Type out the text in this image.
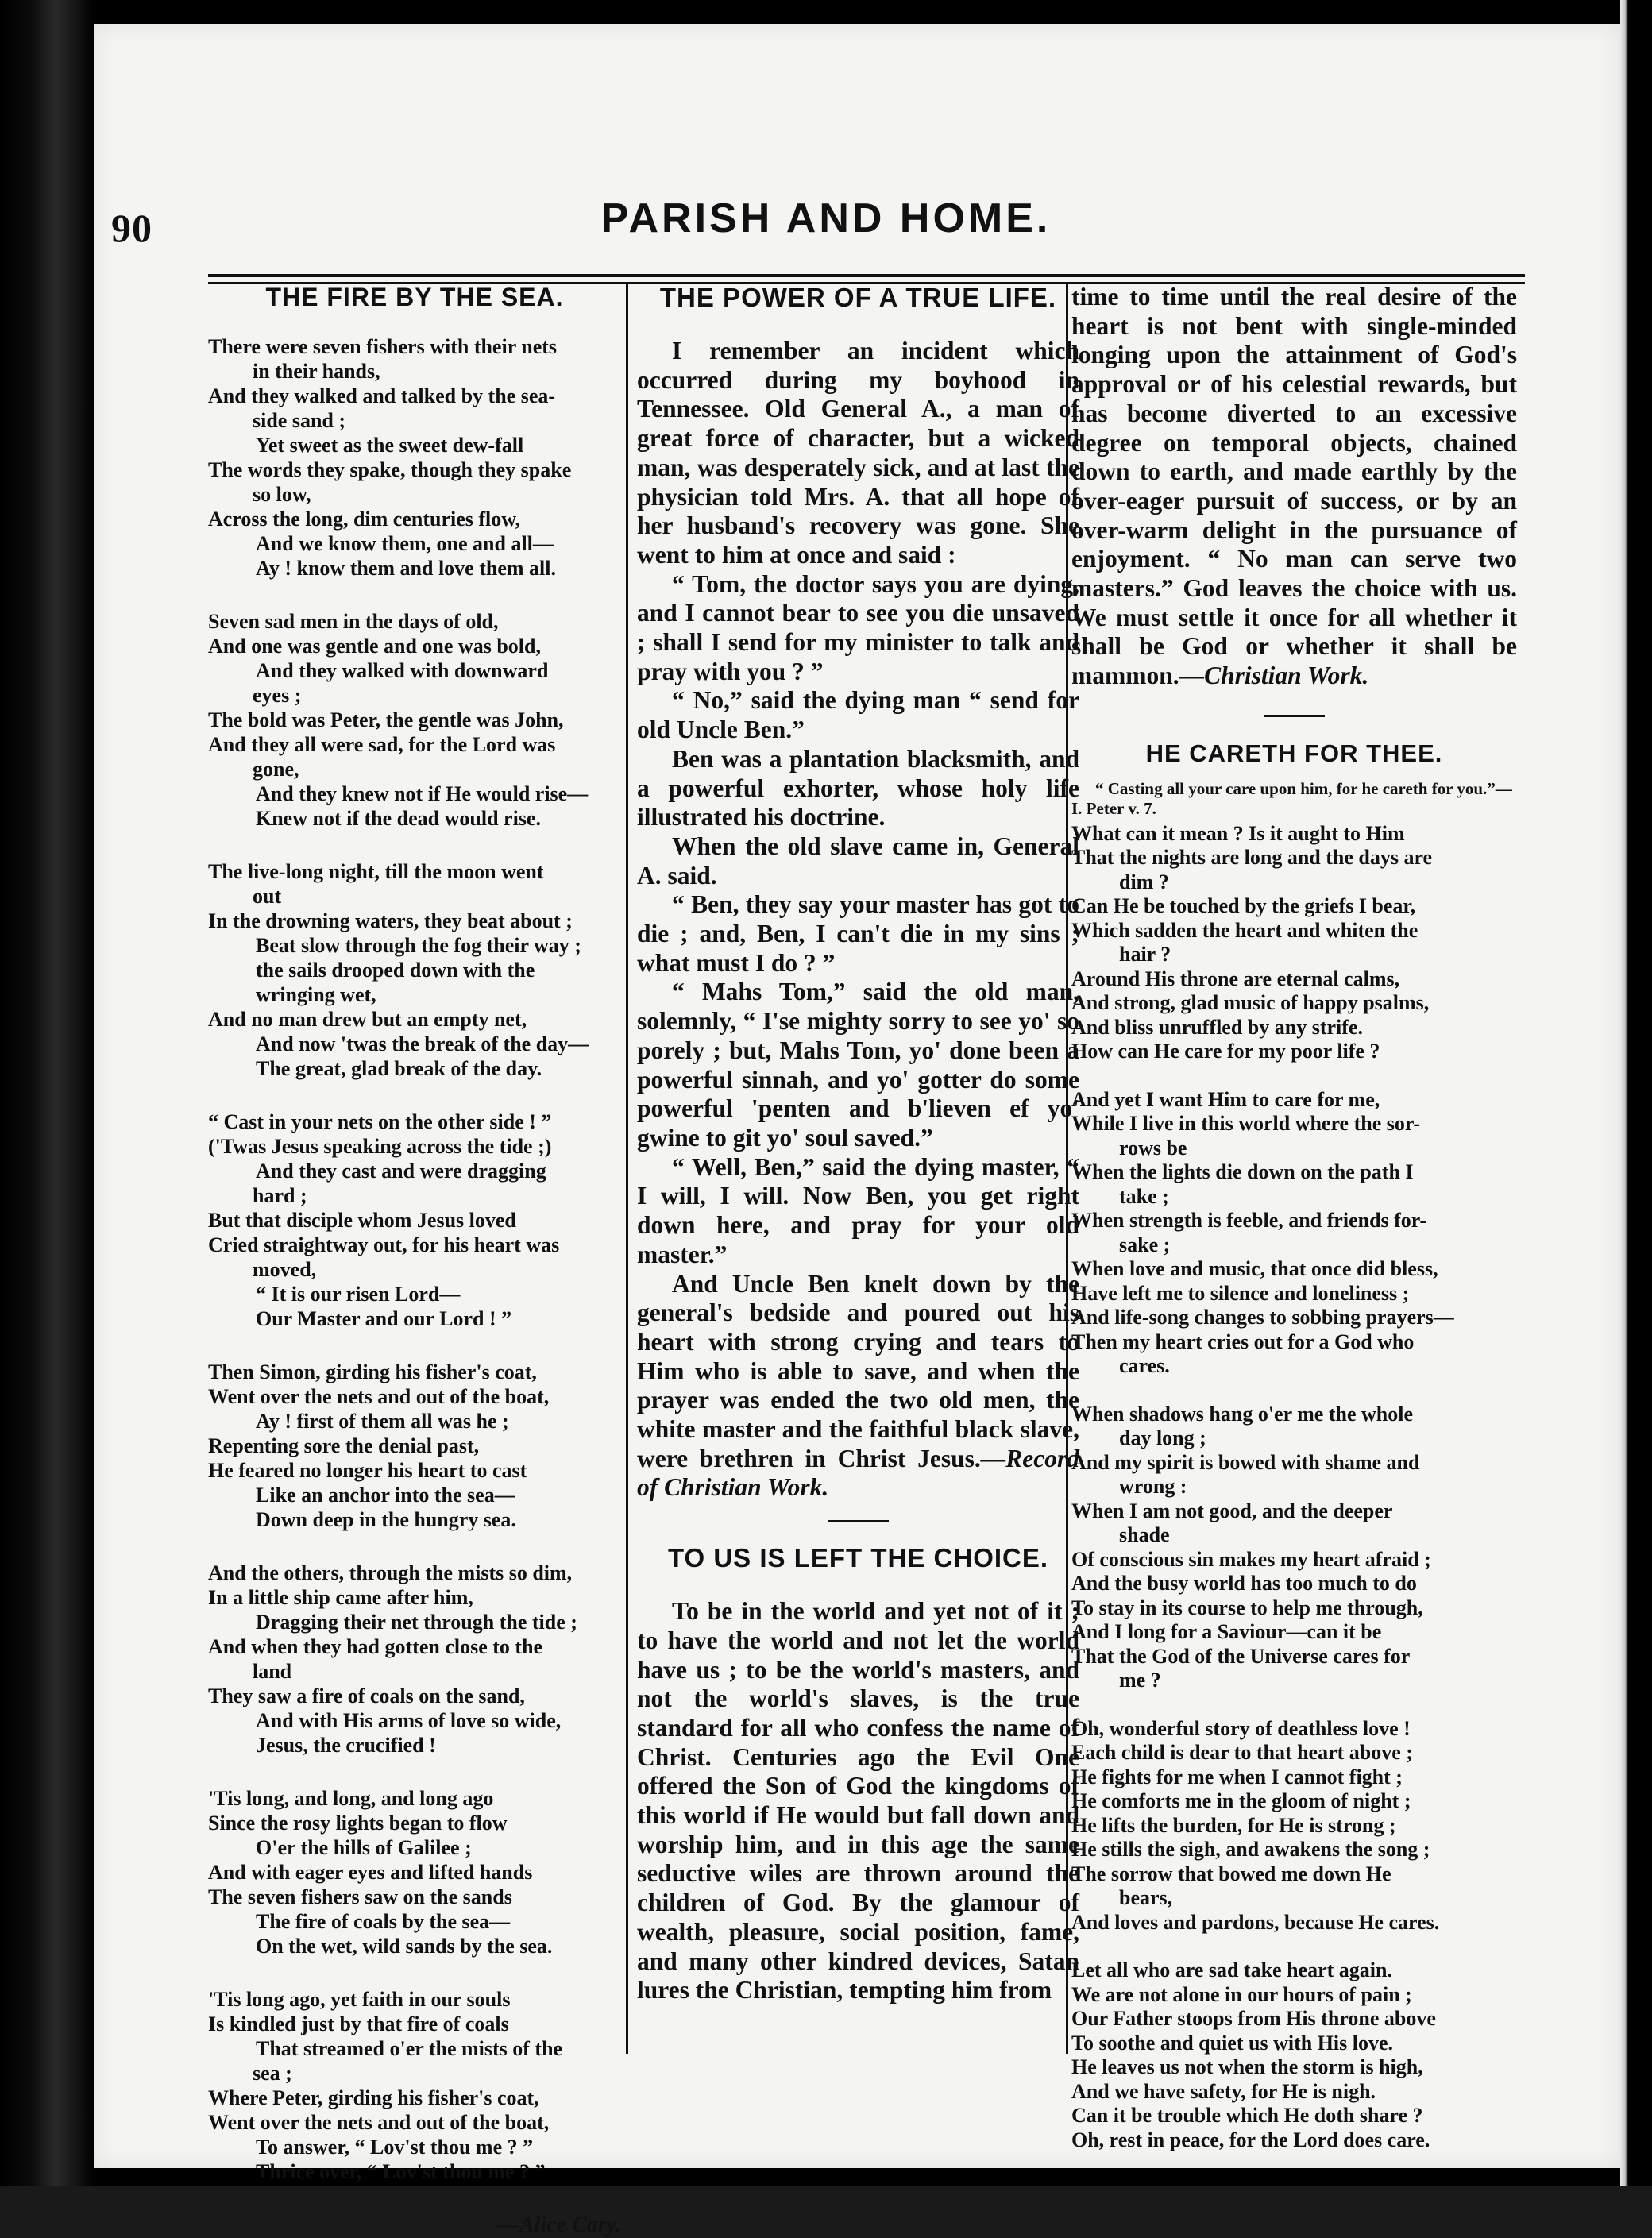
90	PARISH AND HOME.
THE FIRE BY THE SEA.
There were seven fishers with their nets
in their hands,
And they walked and talked by the sea-
side sand ;
Yet sweet as the sweet dew-fall
The words they spake, though they spake
so low,
Across the long, dim centuries flow,
And we know them, one and all—
Ay ! know them and love them all.
Seven sad men in the days of old,
And one was gentle and one was bold,
And they walked with downward
eyes ;
The bold was Peter, the gentle was John,
And they all were sad, for the Lord was
gone,
And they knew not if He would rise—
Knew not if the dead would rise.
The live-long night, till the moon went
out
In the drowning waters, they beat about ;
Beat slow through the fog their way ;
the sails drooped down with the
wringing wet,
And no man drew but an empty net,
And now 'twas the break of the day—
The great, glad break of the day.
“ Cast in your nets on the other side ! ”
('Twas Jesus speaking across the tide ;)
And they cast and were dragging
hard ;
But that disciple whom Jesus loved
Cried straightway out, for his heart was
moved,
“ It is our risen Lord—
Our Master and our Lord ! ”
Then Simon, girding his fisher's coat,
Went over the nets and out of the boat,
Ay ! first of them all was he ;
Repenting sore the denial past,
He feared no longer his heart to cast
Like an anchor into the sea—
Down deep in the hungry sea.
And the others, through the mists so dim,
In a little ship came after him,
Dragging their net through the tide ;
And when they had gotten close to the
land
They saw a fire of coals on the sand,
And with His arms of love so wide,
Jesus, the crucified !
'Tis long, and long, and long ago
Since the rosy lights began to flow
O'er the hills of Galilee ;
And with eager eyes and lifted hands
The seven fishers saw on the sands
The fire of coals by the sea—
On the wet, wild sands by the sea.
'Tis long ago, yet faith in our souls
Is kindled just by that fire of coals
That streamed o'er the mists of the
sea ;
Where Peter, girding his fisher's coat,
Went over the nets and out of the boat,
To answer, “ Lov'st thou me ? ”
Thrice over, “ Lov'st thou me ? ”
—Alice Cary.
THE POWER OF A TRUE LIFE.

I remember an incident which occurred during my boyhood in Tennessee. Old General A., a man of great force of character, but a wicked man, was desperately sick, and at last the physician told Mrs. A. that all hope of her husband's recovery was gone. She went to him at once and said :

“ Tom, the doctor says you are dying, and I cannot bear to see you die unsaved ; shall I send for my minister to talk and pray with you ? ”

“ No,” said the dying man “ send for old Uncle Ben.”

Ben was a plantation blacksmith, and a powerful exhorter, whose holy life illustrated his doctrine.

When the old slave came in, General A. said.

“ Ben, they say your master has got to die ; and, Ben, I can't die in my sins ; what must I do ? ”

“ Mahs Tom,” said the old man, solemnly, “ I'se mighty sorry to see yo' so porely ; but, Mahs Tom, yo' done been a powerful sinnah, and yo' gotter do some powerful 'penten and b'lieven ef yo' gwine to git yo' soul saved.”

“ Well, Ben,” said the dying master, “ I will, I will. Now Ben, you get right down here, and pray for your old master.”

And Uncle Ben knelt down by the general's bedside and poured out his heart with strong crying and tears to Him who is able to save, and when the prayer was ended the two old men, the white master and the faithful black slave, were brethren in Christ Jesus.—Record of Christian Work.

TO US IS LEFT THE CHOICE.

To be in the world and yet not of it ; to have the world and not let the world have us ; to be the world's masters, and not the world's slaves, is the true standard for all who confess the name of Christ. Centuries ago the Evil One offered the Son of God the kingdoms of this world if He would but fall down and worship him, and in this age the same seductive wiles are thrown around the children of God. By the glamour of wealth, pleasure, social position, fame, and many other kindred devices, Satan lures the Christian, tempting him from

time to time until the real desire of the heart is not bent with single-minded longing upon the attainment of God's approval or of his celestial rewards, but has become diverted to an excessive degree on temporal objects, chained down to earth, and made earthly by the over-eager pursuit of success, or by an over-warm delight in the pursuance of enjoyment. “ No man can serve two masters.” God leaves the choice with us. We must settle it once for all whether it shall be God or whether it shall be mammon.—Christian Work.

HE CARETH FOR THEE.

“ Casting all your care upon him, for he careth for you.”—I. Peter v. 7.

What can it mean ? Is it aught to Him
That the nights are long and the days are
dim ?
Can He be touched by the griefs I bear,
Which sadden the heart and whiten the
hair ?
Around His throne are eternal calms,
And strong, glad music of happy psalms,
And bliss unruffled by any strife.
How can He care for my poor life ?
And yet I want Him to care for me,
While I live in this world where the sor-
rows be
When the lights die down on the path I
take ;
When strength is feeble, and friends for-
sake ;
When love and music, that once did bless,
Have left me to silence and loneliness ;
And life-song changes to sobbing prayers—
Then my heart cries out for a God who
cares.
When shadows hang o'er me the whole
day long ;
And my spirit is bowed with shame and
wrong :
When I am not good, and the deeper
shade
Of conscious sin makes my heart afraid ;
And the busy world has too much to do
To stay in its course to help me through,
And I long for a Saviour—can it be
That the God of the Universe cares for
me ?
Oh, wonderful story of deathless love !
Each child is dear to that heart above ;
He fights for me when I cannot fight ;
He comforts me in the gloom of night ;
He lifts the burden, for He is strong ;
He stills the sigh, and awakens the song ;
The sorrow that bowed me down He
bears,
And loves and pardons, because He cares.
Let all who are sad take heart again.
We are not alone in our hours of pain ;
Our Father stoops from His throne above
To soothe and quiet us with His love.
He leaves us not when the storm is high,
And we have safety, for He is nigh.
Can it be trouble which He doth share ?
Oh, rest in peace, for the Lord does care.
